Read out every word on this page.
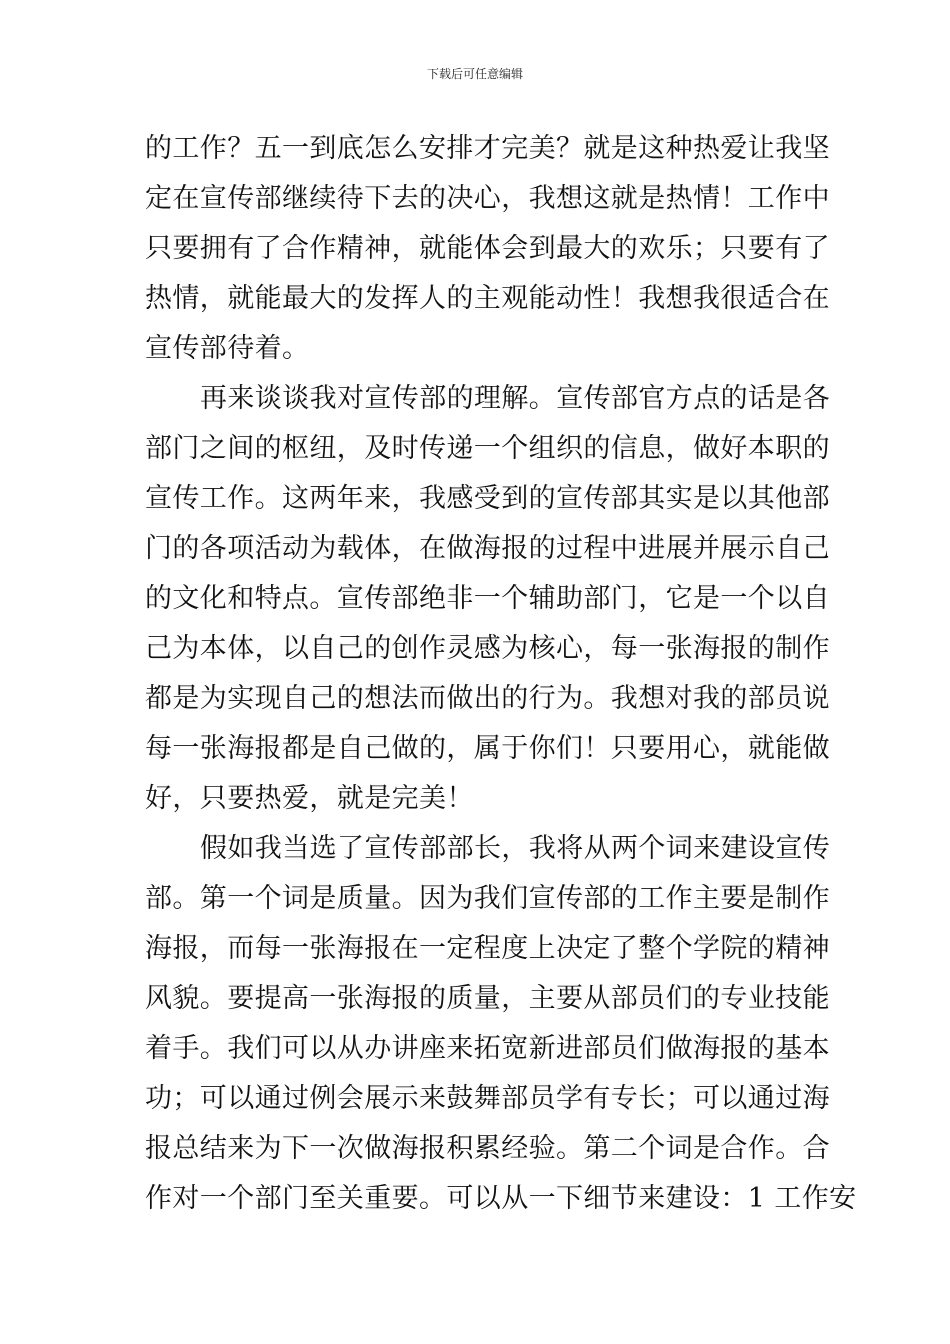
下载后可任意编辑
的工作？五一到底怎么安排才完美？就是这种热爱让我坚
定在宣传部继续待下去的决心，我想这就是热情！工作中
只要拥有了合作精神，就能体会到最大的欢乐；只要有了
热情，就能最大的发挥人的主观能动性！我想我很适合在
宣传部待着。
再来谈谈我对宣传部的理解。宣传部官方点的话是各
部门之间的枢纽，及时传递一个组织的信息，做好本职的
宣传工作。这两年来，我感受到的宣传部其实是以其他部
门的各项活动为载体，在做海报的过程中进展并展示自己
的文化和特点。宣传部绝非一个辅助部门，它是一个以自
己为本体，以自己的创作灵感为核心，每一张海报的制作
都是为实现自己的想法而做出的行为。我想对我的部员说
每一张海报都是自己做的，属于你们！只要用心，就能做
好，只要热爱，就是完美！
假如我当选了宣传部部长，我将从两个词来建设宣传
部。第一个词是质量。因为我们宣传部的工作主要是制作
海报，而每一张海报在一定程度上决定了整个学院的精神
风貌。要提高一张海报的质量，主要从部员们的专业技能
着手。我们可以从办讲座来拓宽新进部员们做海报的基本
功；可以通过例会展示来鼓舞部员学有专长；可以通过海
报总结来为下一次做海报积累经验。第二个词是合作。合
作对一个部门至关重要。可以从一下细节来建设：1 工作安
